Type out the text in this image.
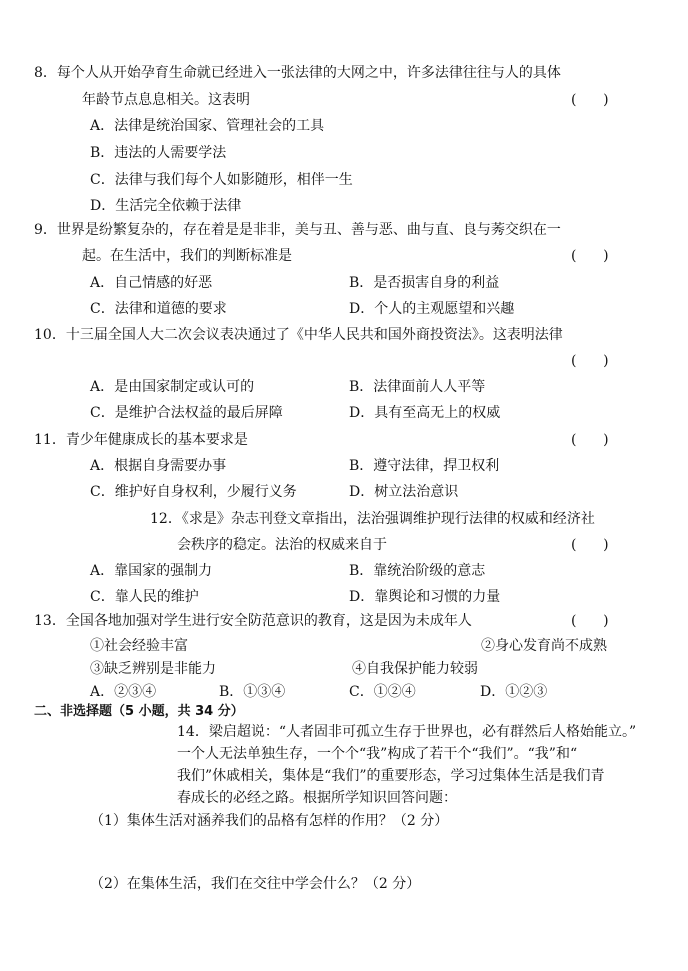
8．每个人从开始孕育生命就已经进入一张法律的大网之中，许多法律往往与人的具体
年龄节点息息相关。这表明	(      )
A．法律是统治国家、管理社会的工具
B．违法的人需要学法
C．法律与我们每个人如影随形，相伴一生
D．生活完全依赖于法律
9．世界是纷繁复杂的，存在着是是非非，美与丑、善与恶、曲与直、良与莠交织在一
起。在生活中，我们的判断标准是	(      )
A．自己情感的好恶	B．是否损害自身的利益
C．法律和道德的要求	D．个人的主观愿望和兴趣
10．十三届全国人大二次会议表决通过了《中华人民共和国外商投资法》。这表明法律
(      )
A．是由国家制定或认可的	B．法律面前人人平等
C．是维护合法权益的最后屏障	D．具有至高无上的权威
11．青少年健康成长的基本要求是	(      )
A．根据自身需要办事	B．遵守法律，捍卫权利
C．维护好自身权利，少履行义务	D．树立法治意识
12．《求是》杂志刊登文章指出，法治强调维护现行法律的权威和经济社
会秩序的稳定。法治的权威来自于	(      )
A．靠国家的强制力	B．靠统治阶级的意志
C．靠人民的维护	D．靠舆论和习惯的力量
13．全国各地加强对学生进行安全防范意识的教育，这是因为未成年人	(      )
①社会经验丰富	②身心发育尚不成熟
③缺乏辨别是非能力	④自我保护能力较弱
A．②③④	B．①③④	C．①②④	D．①②③
二、非选择题（5 小题，共 34 分）
14．梁启超说：“人者固非可孤立生存于世界也，必有群然后人格始能立。”
一个人无法单独生存，一个个“我”构成了若干个“我们”。“我”和“
我们”休戚相关，集体是“我们”的重要形态，学习过集体生活是我们青
春成长的必经之路。根据所学知识回答问题：
（1）集体生活对涵养我们的品格有怎样的作用？（2 分）
（2）在集体生活，我们在交往中学会什么？（2 分）
